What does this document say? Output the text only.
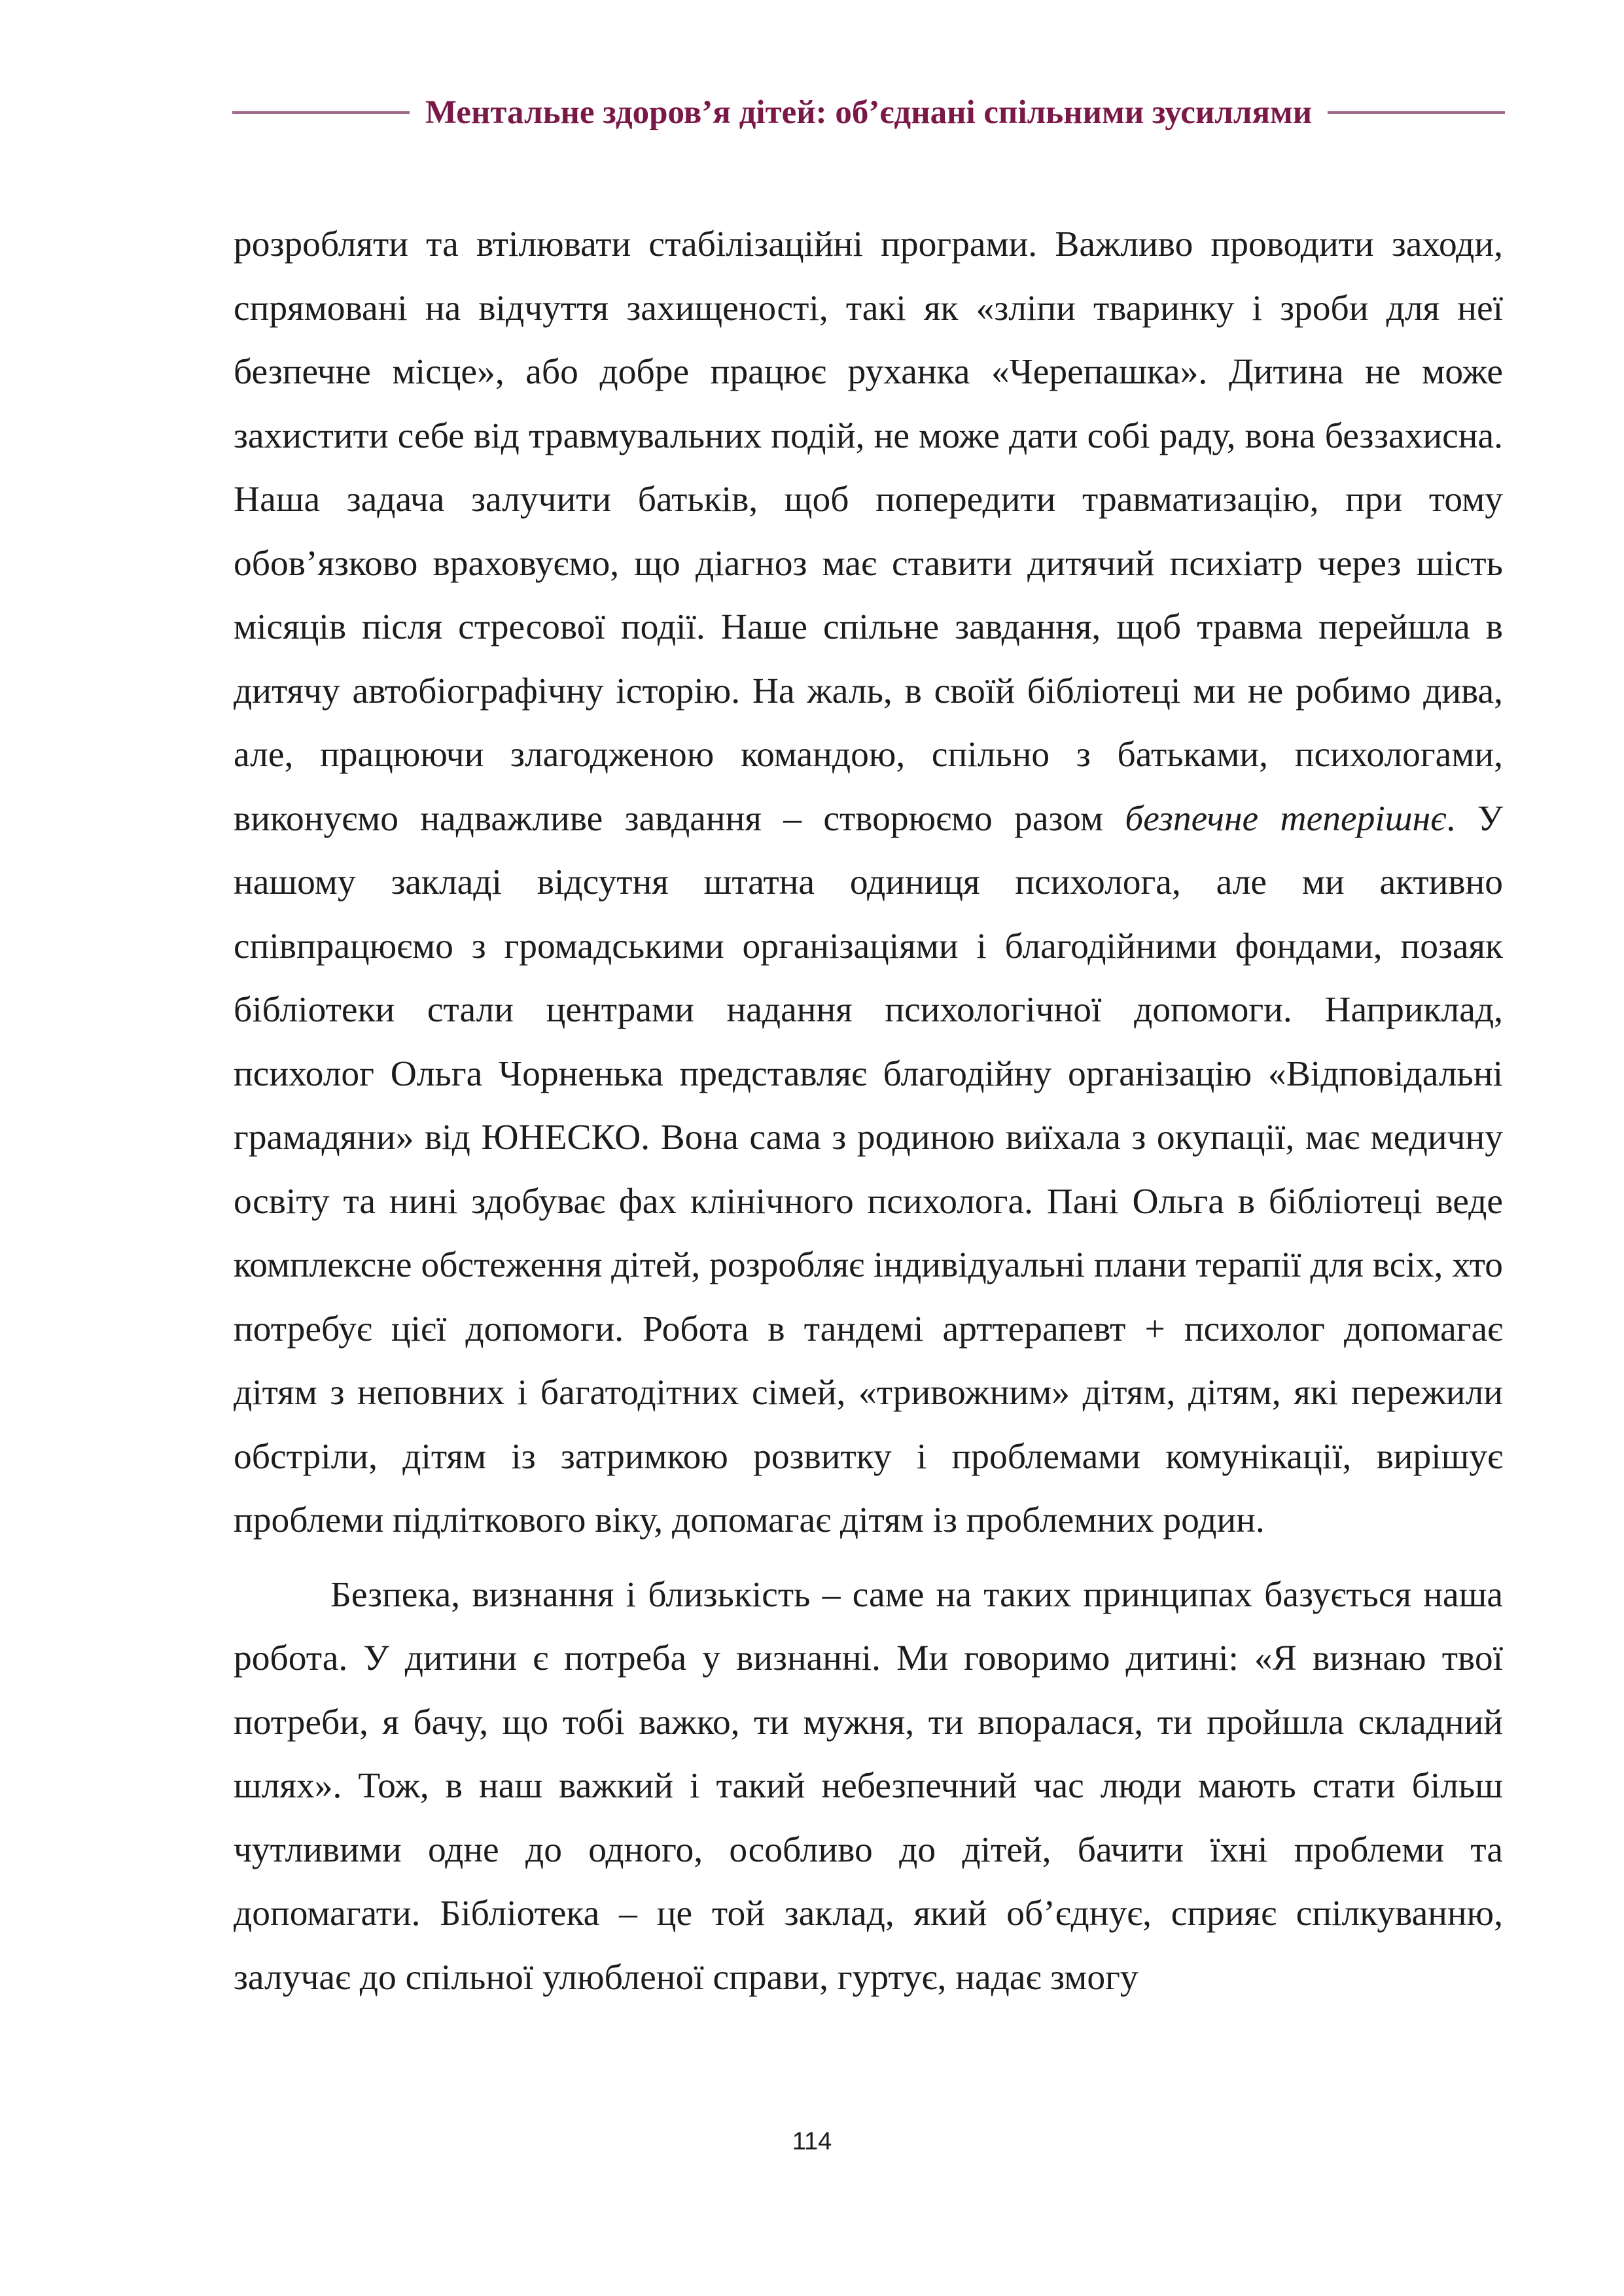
Ментальне здоров’я дітей: об’єднані спільними зусиллями

розробляти та втілювати стабілізаційні програми. Важливо проводити заходи, спрямовані на відчуття захищеності, такі як «зліпи тваринку і зроби для неї безпечне місце», або добре працює руханка «Черепашка». Дитина не може захистити себе від травмувальних подій, не може дати собі раду, вона беззахисна. Наша задача залучити батьків, щоб попередити травматизацію, при тому обов’язково враховуємо, що діагноз має ставити дитячий психіатр через шість місяців після стресової події. Наше спільне завдання, щоб травма перейшла в дитячу автобіографічну історію. На жаль, в своїй бібліотеці ми не робимо дива, але, працюючи злагодженою командою, спільно з батьками, психологами, виконуємо надважливе завдання – створюємо разом безпечне теперішнє. У нашому закладі відсутня штатна одиниця психолога, але ми активно співпрацюємо з громадськими організаціями і благодійними фондами, позаяк бібліотеки стали центрами надання психологічної допомоги. Наприклад, психолог Ольга Чорненька представляє благодійну організацію «Відповідальні грамадяни» від ЮНЕСКО. Вона сама з родиною виїхала з окупації, має медичну освіту та нині здобуває фах клінічного психолога. Пані Ольга в бібліотеці веде комплексне обстеження дітей, розробляє індивідуальні плани терапії для всіх, хто потребує цієї допомоги. Робота в тандемі арттерапевт + психолог допомагає дітям з неповних і багатодітних сімей, «тривожним» дітям, дітям, які пережили обстріли, дітям із затримкою розвитку і проблемами комунікації, вирішує проблеми підліткового віку, допомагає дітям із проблемних родин.

Безпека, визнання і близькість – саме на таких принципах базується наша робота. У дитини є потреба у визнанні. Ми говоримо дитині: «Я визнаю твої потреби, я бачу, що тобі важко, ти мужня, ти впоралася, ти пройшла складний шлях». Тож, в наш важкий і такий небезпечний час люди мають стати більш чутливими одне до одного, особливо до дітей, бачити їхні проблеми та допомагати. Бібліотека – це той заклад, який об’єднує, сприяє спілкуванню, залучає до спільної улюбленої справи, гуртує, надає змогу

114
